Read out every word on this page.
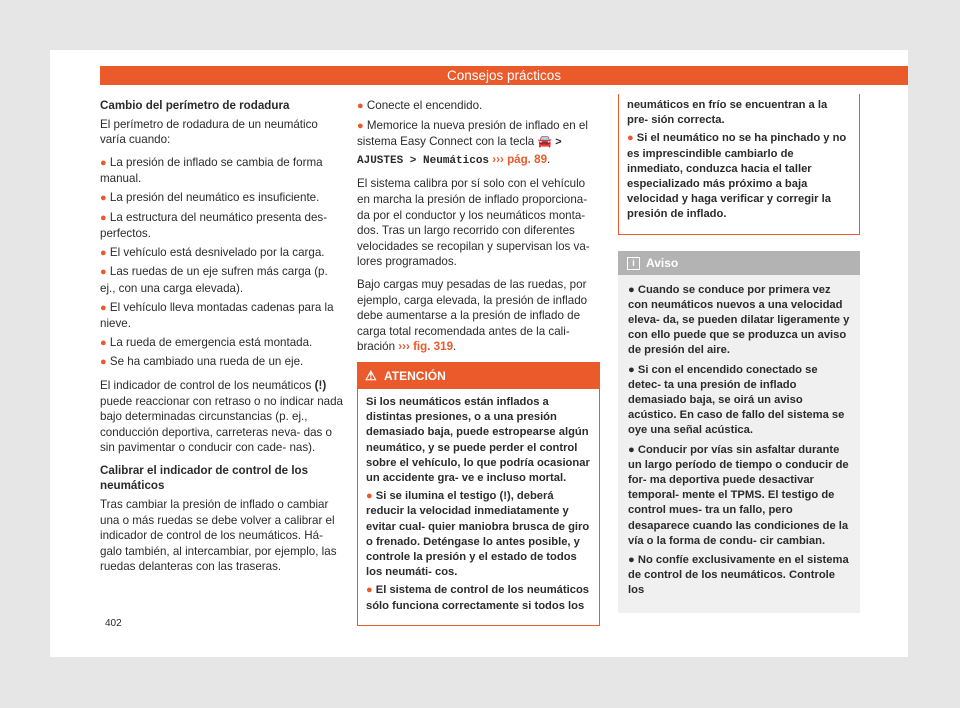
Consejos prácticos
Cambio del perímetro de rodadura

El perímetro de rodadura de un neumático varía cuando:

● La presión de inflado se cambia de forma manual.

● La presión del neumático es insuficiente.

● La estructura del neumático presenta des- perfectos.

● El vehículo está desnivelado por la carga.

● Las ruedas de un eje sufren más carga (p. ej., con una carga elevada).

● El vehículo lleva montadas cadenas para la nieve.

● La rueda de emergencia está montada.

● Se ha cambiado una rueda de un eje.

El indicador de control de los neumáticos (!) puede reaccionar con retraso o no indicar nada bajo determinadas circunstancias (p. ej., conducción deportiva, carreteras neva- das o sin pavimentar o conducir con cade- nas).

Calibrar el indicador de control de los neumáticos

Tras cambiar la presión de inflado o cambiar una o más ruedas se debe volver a calibrar el indicador de control de los neumáticos. Há- galo también, al intercambiar, por ejemplo, las ruedas delanteras con las traseras.

● Conecte el encendido.

● Memorice la nueva presión de inflado en el sistema Easy Connect con la tecla 🚘 > AJUSTES > Neumáticos ››› pág. 89.

El sistema calibra por sí solo con el vehículo en marcha la presión de inflado proporciona- da por el conductor y los neumáticos monta- dos. Tras un largo recorrido con diferentes velocidades se recopilan y supervisan los va- lores programados.

Bajo cargas muy pesadas de las ruedas, por ejemplo, carga elevada, la presión de inflado debe aumentarse a la presión de inflado de carga total recomendada antes de la cali- bración ››› fig. 319.

⚠ ATENCIÓN

Si los neumáticos están inflados a distintas presiones, o a una presión demasiado baja, puede estropearse algún neumático, y se puede perder el control sobre el vehículo, lo que podría ocasionar un accidente gra- ve e incluso mortal.

● Si se ilumina el testigo (!), deberá reducir la velocidad inmediatamente y evitar cual- quier maniobra brusca de giro o frenado. Deténgase lo antes posible, y controle la presión y el estado de todos los neumáti- cos.

● El sistema de control de los neumáticos sólo funciona correctamente si todos los

neumáticos en frío se encuentran a la pre- sión correcta.

● Si el neumático no se ha pinchado y no es imprescindible cambiarlo de inmediato, conduzca hacia el taller especializado más próximo a baja velocidad y haga verificar y corregir la presión de inflado.

i Aviso

● Cuando se conduce por primera vez con neumáticos nuevos a una velocidad eleva- da, se pueden dilatar ligeramente y con ello puede que se produzca un aviso de presión del aire.

● Si con el encendido conectado se detec- ta una presión de inflado demasiado baja, se oirá un aviso acústico. En caso de fallo del sistema se oye una señal acústica.

● Conducir por vías sin asfaltar durante un largo período de tiempo o conducir de for- ma deportiva puede desactivar temporal- mente el TPMS. El testigo de control mues- tra un fallo, pero desaparece cuando las condiciones de la vía o la forma de condu- cir cambian.

● No confíe exclusivamente en el sistema de control de los neumáticos. Controle los

402
